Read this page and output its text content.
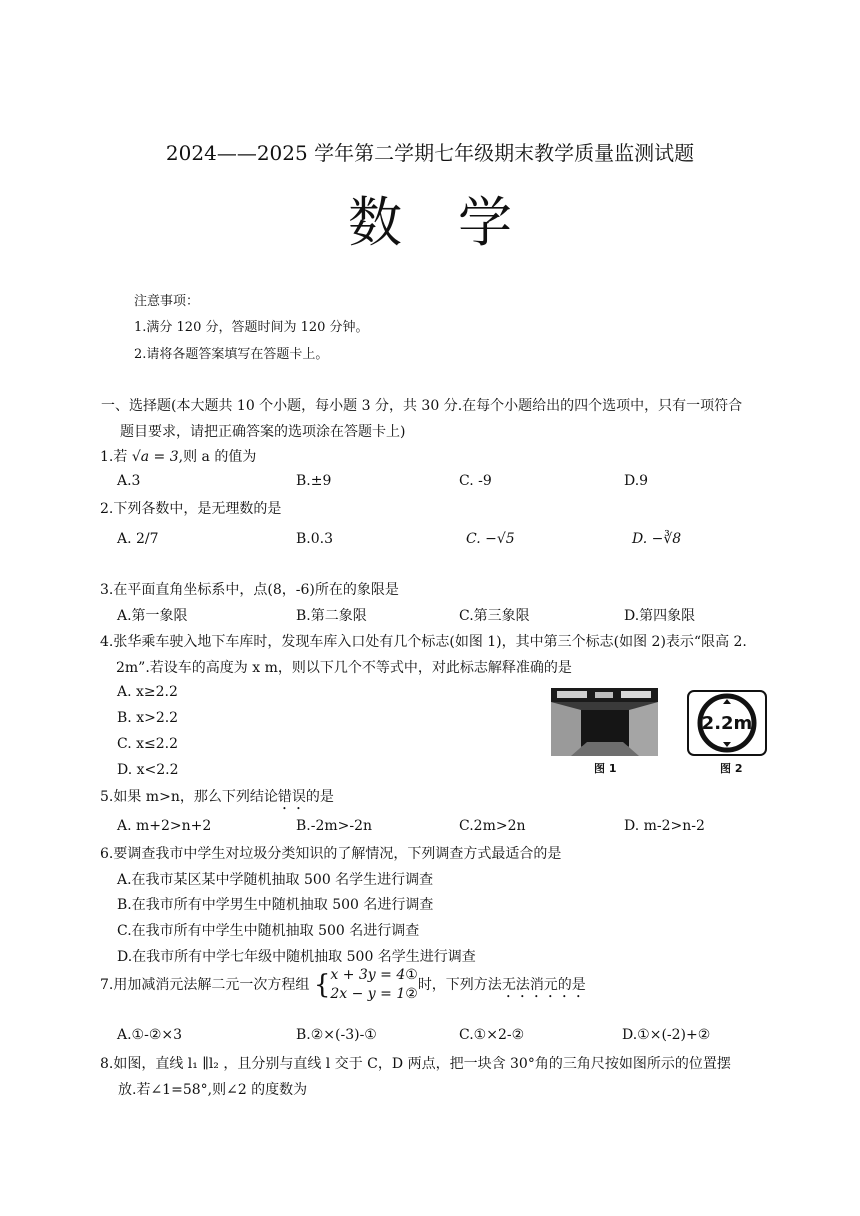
2024——2025 学年第二学期七年级期末教学质量监测试题
数学
注意事项：
1.满分 120 分，答题时间为 120 分钟。
2.请将各题答案填写在答题卡上。
一、选择题(本大题共 10 个小题，每小题 3 分，共 30 分.在每个小题给出的四个选项中，只有一项符合
题目要求，请把正确答案的选项涂在答题卡上)
1.若 √a = 3,则 a 的值为
A.3	B.±9	C. -9	D.9
2.下列各数中，是无理数的是
A. 2/7	B.0.3	C. −√5	D. −∛8
3.在平面直角坐标系中，点(8，-6)所在的象限是
A.第一象限	B.第二象限	C.第三象限	D.第四象限
4.张华乘车驶入地下车库时，发现车库入口处有几个标志(如图 1)，其中第三个标志(如图 2)表示“限高 2.
2m”.若设车的高度为 x m，则以下几个不等式中，对此标志解释准确的是
A. x≥2.2
B. x>2.2
C. x≤2.2
D. x<2.2	图 1
2.2m
图 2
5.如果 m>n，那么下列结论错误的是
A. m+2>n+2	B.-2m>-2n	C.2m>2n	D. m-2>n-2
6.要调查我市中学生对垃圾分类知识的了解情况，下列调查方式最适合的是
A.在我市某区某中学随机抽取 500 名学生进行调查
B.在我市所有中学男生中随机抽取 500 名进行调查
C.在我市所有中学生中随机抽取 500 名进行调查
D.在我市所有中学七年级中随机抽取 500 名学生进行调查
7.用加减消元法解二元一次方程组 {x + 3y = 4①
2x − y = 1②时，下列方法无法消元的是
A.①-②×3	B.②×(-3)-①	C.①×2-②	D.①×(-2)+②
8.如图，直线 l₁ ∥l₂ ，且分别与直线 l 交于 C，D 两点，把一块含 30°角的三角尺按如图所示的位置摆
放.若∠1=58°,则∠2 的度数为
